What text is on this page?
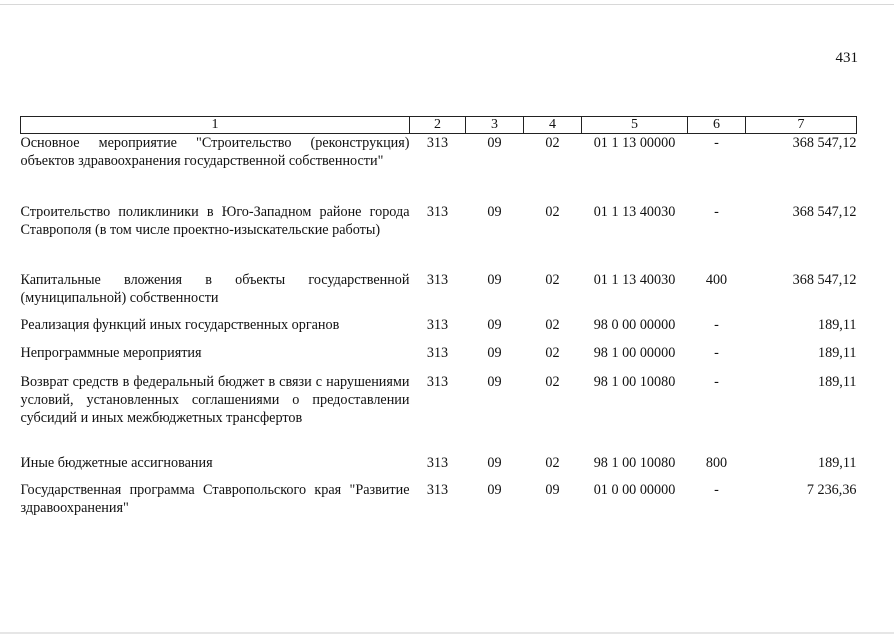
431
1	2	3	4	5	6	7
Основное мероприятие "Строительство (реконструкция) объектов здравоохранения государственной собственности"	313	09	02	01 1 13 00000	-	368 547,12
Строительство поликлиники в Юго-Западном районе города Ставрополя (в том числе проектно-изыскательские работы)	313	09	02	01 1 13 40030	-	368 547,12
Капитальные вложения в объекты государственной (муниципальной) собственности	313	09	02	01 1 13 40030	400	368 547,12
Реализация функций иных государственных органов	313	09	02	98 0 00 00000	-	189,11
Непрограммные мероприятия	313	09	02	98 1 00 00000	-	189,11
Возврат средств в федеральный бюджет в связи с нарушениями условий, установленных соглашениями о предоставлении субсидий и иных межбюджетных трансфертов	313	09	02	98 1 00 10080	-	189,11
Иные бюджетные ассигнования	313	09	02	98 1 00 10080	800	189,11
Государственная программа Ставропольского края "Развитие здравоохранения"	313	09	09	01 0 00 00000	-	7 236,36
